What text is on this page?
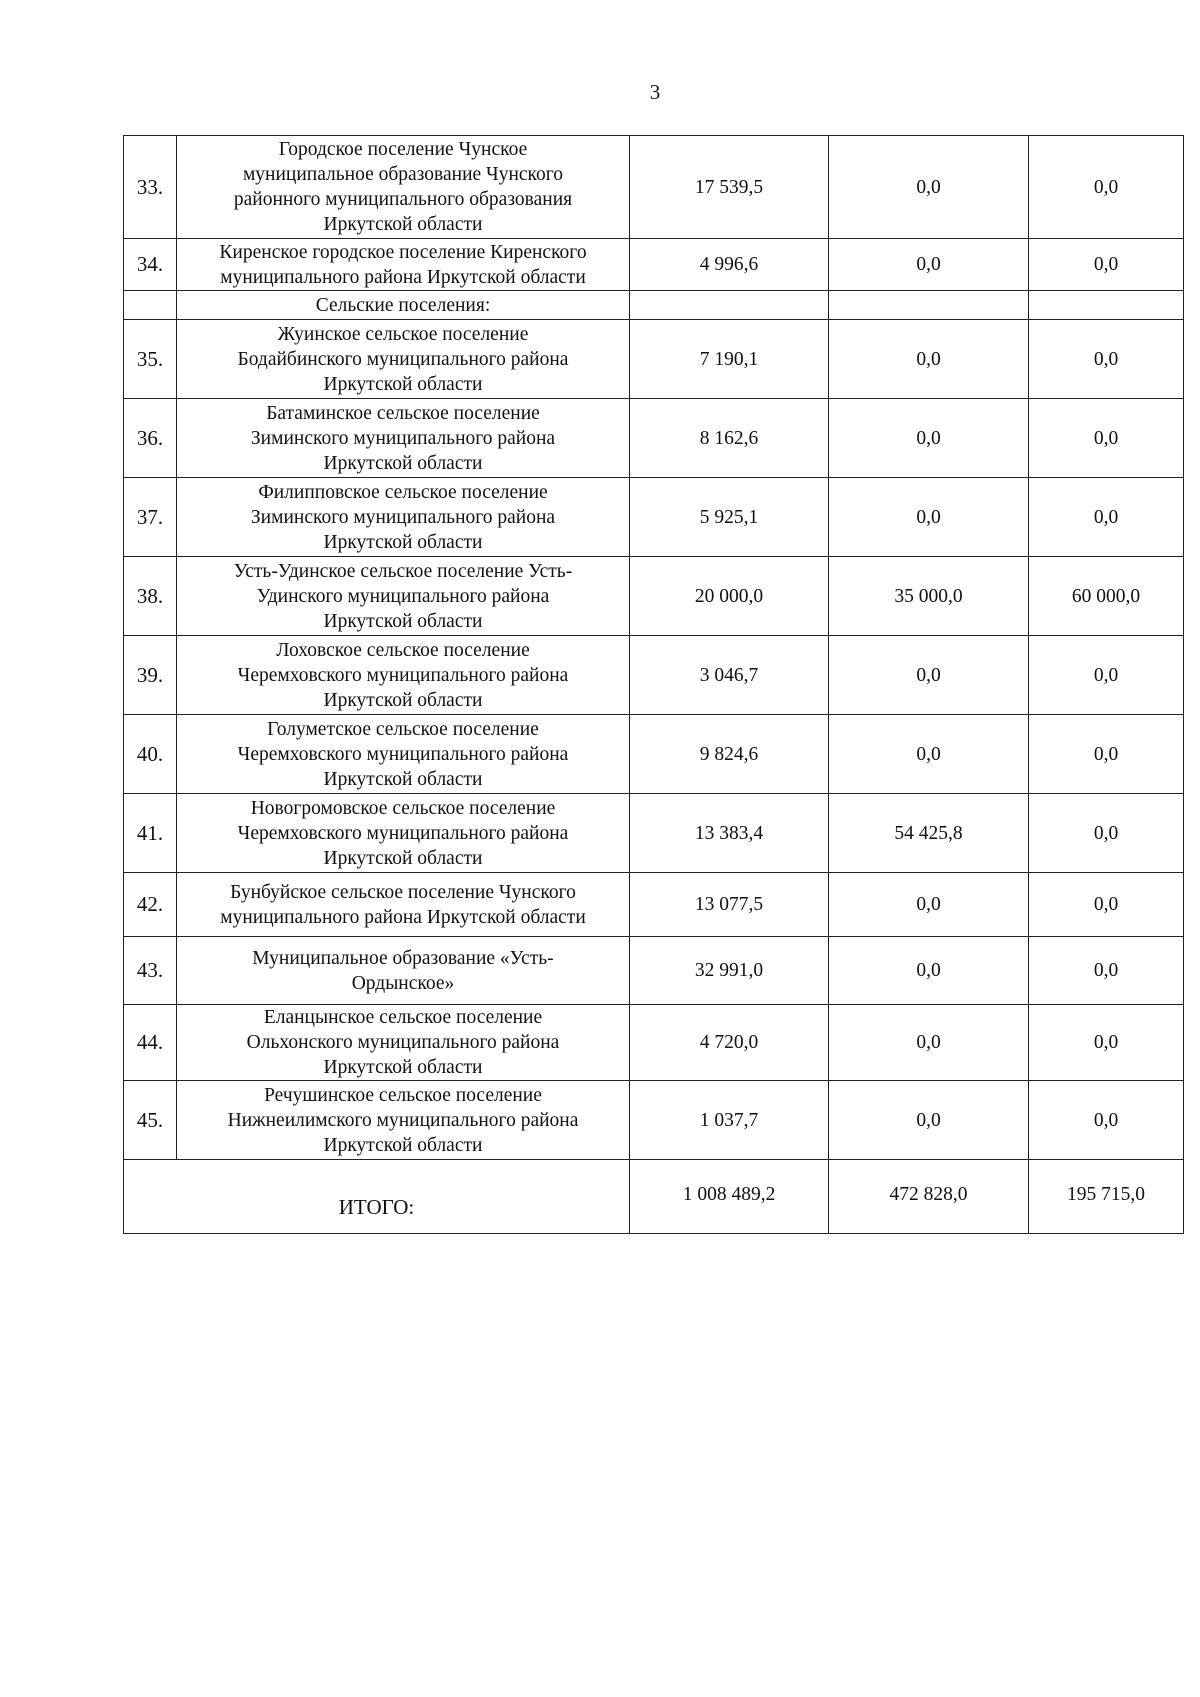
3
33.	Городское поселение Чунское
муниципальное образование Чунского
районного муниципального образования
Иркутской области	17 539,5	0,0	0,0
34.	Киренское городское поселение Киренского
муниципального района Иркутской области	4 996,6	0,0	0,0
	Сельские поселения:			
35.	Жуинское сельское поселение
Бодайбинского муниципального района
Иркутской области	7 190,1	0,0	0,0
36.	Батаминское сельское поселение
Зиминского муниципального района
Иркутской области	8 162,6	0,0	0,0
37.	Филипповское сельское поселение
Зиминского муниципального района
Иркутской области	5 925,1	0,0	0,0
38.	Усть-Удинское сельское поселение Усть-
Удинского муниципального района
Иркутской области	20 000,0	35 000,0	60 000,0
39.	Лоховское сельское поселение
Черемховского муниципального района
Иркутской области	3 046,7	0,0	0,0
40.	Голуметское сельское поселение
Черемховского муниципального района
Иркутской области	9 824,6	0,0	0,0
41.	Новогромовское сельское поселение
Черемховского муниципального района
Иркутской области	13 383,4	54 425,8	0,0
42.	Бунбуйское сельское поселение Чунского
муниципального района Иркутской области	13 077,5	0,0	0,0
43.	Муниципальное образование «Усть-
Ордынское»	32 991,0	0,0	0,0
44.	Еланцынское сельское поселение
Ольхонского муниципального района
Иркутской области	4 720,0	0,0	0,0
45.	Речушинское сельское поселение
Нижнеилимского муниципального района
Иркутской области	1 037,7	0,0	0,0
ИТОГО:		1 008 489,2	472 828,0	195 715,0
